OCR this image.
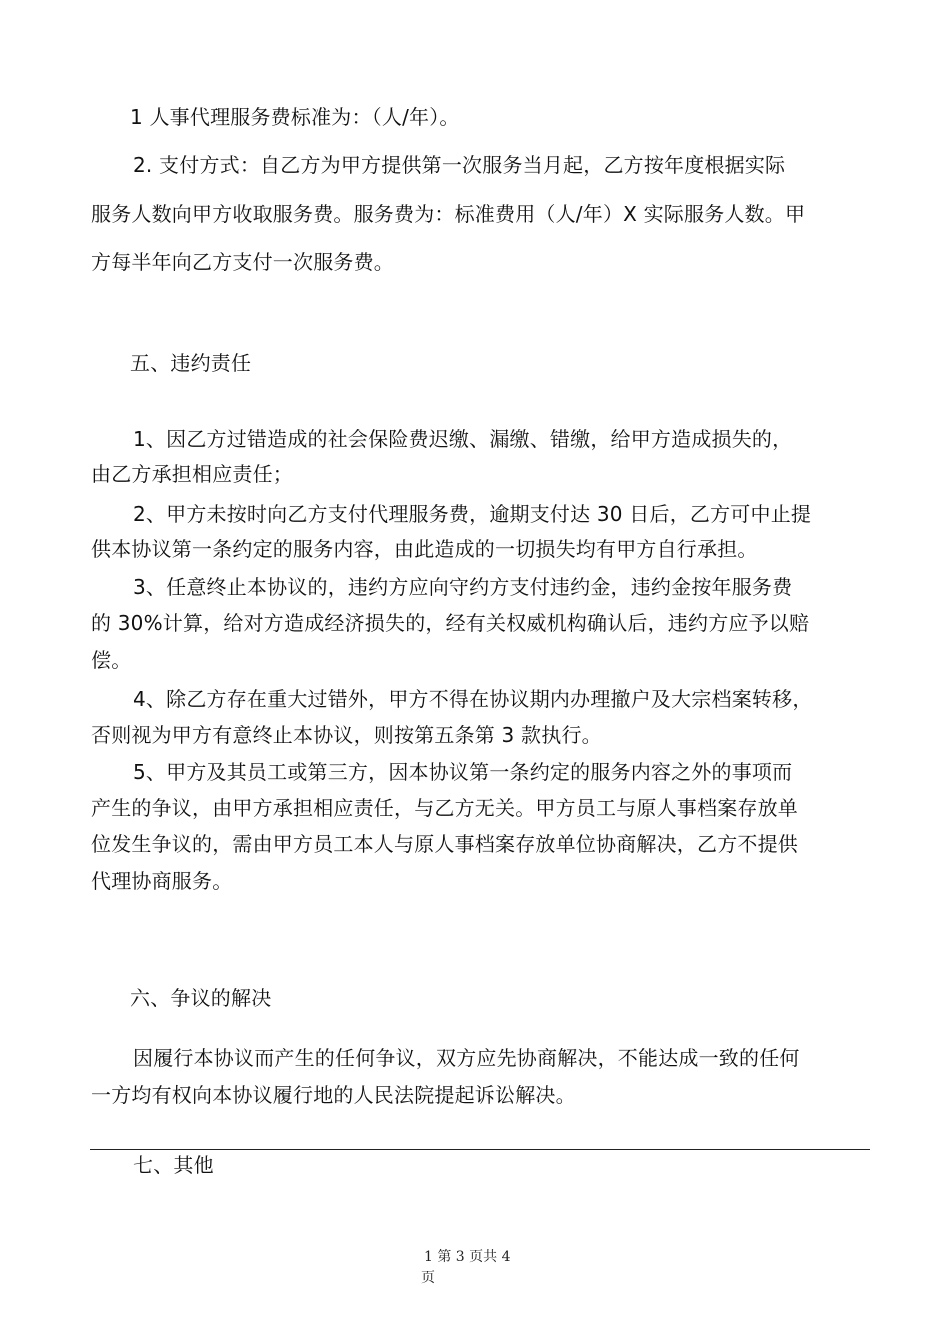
1 人事代理服务费标准为：（人/年）。
2. 支付方式：自乙方为甲方提供第一次服务当月起，乙方按年度根据实际
服务人数向甲方收取服务费。服务费为：标准费用（人/年）X 实际服务人数。甲
方每半年向乙方支付一次服务费。
五、违约责任
1、因乙方过错造成的社会保险费迟缴、漏缴、错缴，给甲方造成损失的，
由乙方承担相应责任；
2、甲方未按时向乙方支付代理服务费，逾期支付达 30 日后，乙方可中止提
供本协议第一条约定的服务内容，由此造成的一切损失均有甲方自行承担。
3、任意终止本协议的，违约方应向守约方支付违约金，违约金按年服务费
的 30%计算，给对方造成经济损失的，经有关权威机构确认后，违约方应予以赔
偿。
4、除乙方存在重大过错外，甲方不得在协议期内办理撤户及大宗档案转移，
否则视为甲方有意终止本协议，则按第五条第 3 款执行。
5、甲方及其员工或第三方，因本协议第一条约定的服务内容之外的事项而
产生的争议，由甲方承担相应责任，与乙方无关。甲方员工与原人事档案存放单
位发生争议的，需由甲方员工本人与原人事档案存放单位协商解决，乙方不提供
代理协商服务。
六、争议的解决
因履行本协议而产生的任何争议，双方应先协商解决，不能达成一致的任何
一方均有权向本协议履行地的人民法院提起诉讼解决。
七、其他
1 第 3 页共 4
页
